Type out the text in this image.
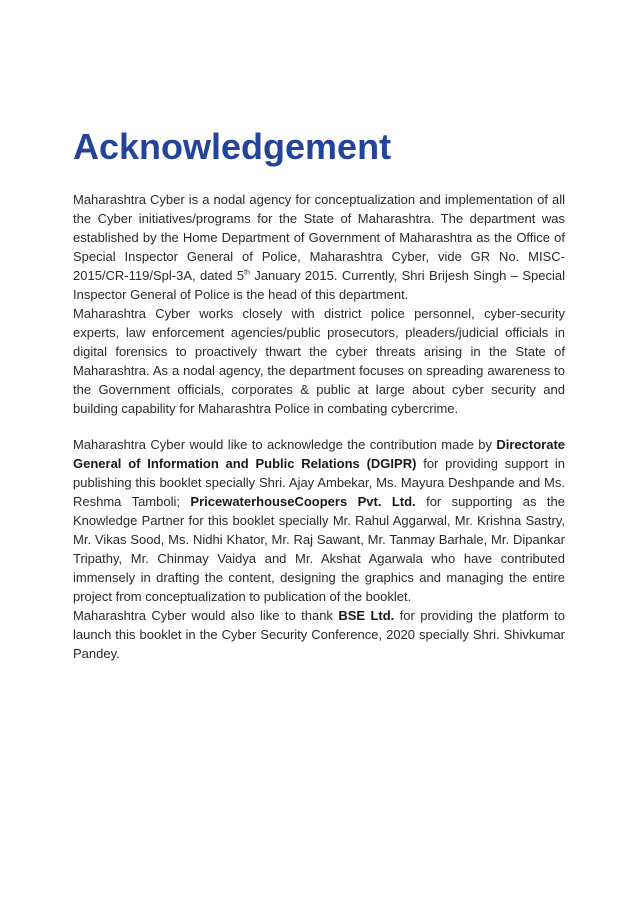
Acknowledgement

Maharashtra Cyber is a nodal agency for conceptualization and implementation of all the Cyber initiatives/programs for the State of Maharashtra. The department was established by the Home Department of Government of Maharashtra as the Office of Special Inspector General of Police, Maharashtra Cyber, vide GR No. MISC-2015/CR-119/Spl-3A, dated 5th January 2015. Currently, Shri Brijesh Singh – Special Inspector General of Police is the head of this department.

Maharashtra Cyber works closely with district police personnel, cyber-security experts, law enforcement agencies/public prosecutors, pleaders/judicial officials in digital forensics to proactively thwart the cyber threats arising in the State of Maharashtra. As a nodal agency, the department focuses on spreading awareness to the Government officials, corporates & public at large about cyber security and building capability for Maharashtra Police in combating cybercrime.

Maharashtra Cyber would like to acknowledge the contribution made by Directorate General of Information and Public Relations (DGIPR) for providing support in publishing this booklet specially Shri. Ajay Ambekar, Ms. Mayura Deshpande and Ms. Reshma Tamboli; PricewaterhouseCoopers Pvt. Ltd. for supporting as the Knowledge Partner for this booklet specially Mr. Rahul Aggarwal, Mr. Krishna Sastry, Mr. Vikas Sood, Ms. Nidhi Khator, Mr. Raj Sawant, Mr. Tanmay Barhale, Mr. Dipankar Tripathy, Mr. Chinmay Vaidya and Mr. Akshat Agarwala who have contributed immensely in drafting the content, designing the graphics and managing the entire project from conceptualization to publication of the booklet.

Maharashtra Cyber would also like to thank BSE Ltd. for providing the platform to launch this booklet in the Cyber Security Conference, 2020 specially Shri. Shivkumar Pandey.
